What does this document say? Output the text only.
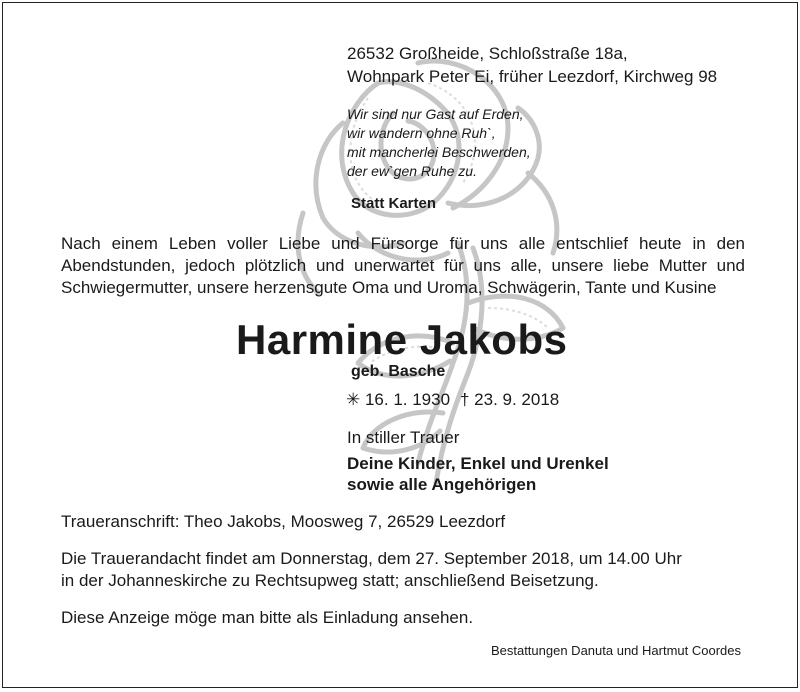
26532 Großheide, Schloßstraße 18a,
Wohnpark Peter Ei, früher Leezdorf, Kirchweg 98
Wir sind nur Gast auf Erden,
wir wandern ohne Ruh`,
mit mancherlei Beschwerden,
der ew`gen Ruhe zu.
Statt Karten
Nach einem Leben voller Liebe und Fürsorge für uns alle entschlief heute in den Abendstunden, jedoch plötzlich und unerwartet für uns alle, unsere liebe Mutter und Schwiegermutter, unsere herzensgute Oma und Uroma, Schwägerin, Tante und Kusine
Harmine Jakobs
geb. Basche
✳ 16. 1. 1930 † 23. 9. 2018
In stiller Trauer
Deine Kinder, Enkel und Urenkel
sowie alle Angehörigen
Traueranschrift: Theo Jakobs, Moosweg 7, 26529 Leezdorf
Die Trauerandacht findet am Donnerstag, dem 27. September 2018, um 14.00 Uhr
in der Johanneskirche zu Rechtsupweg statt; anschließend Beisetzung.
Diese Anzeige möge man bitte als Einladung ansehen.
Bestattungen Danuta und Hartmut Coordes
